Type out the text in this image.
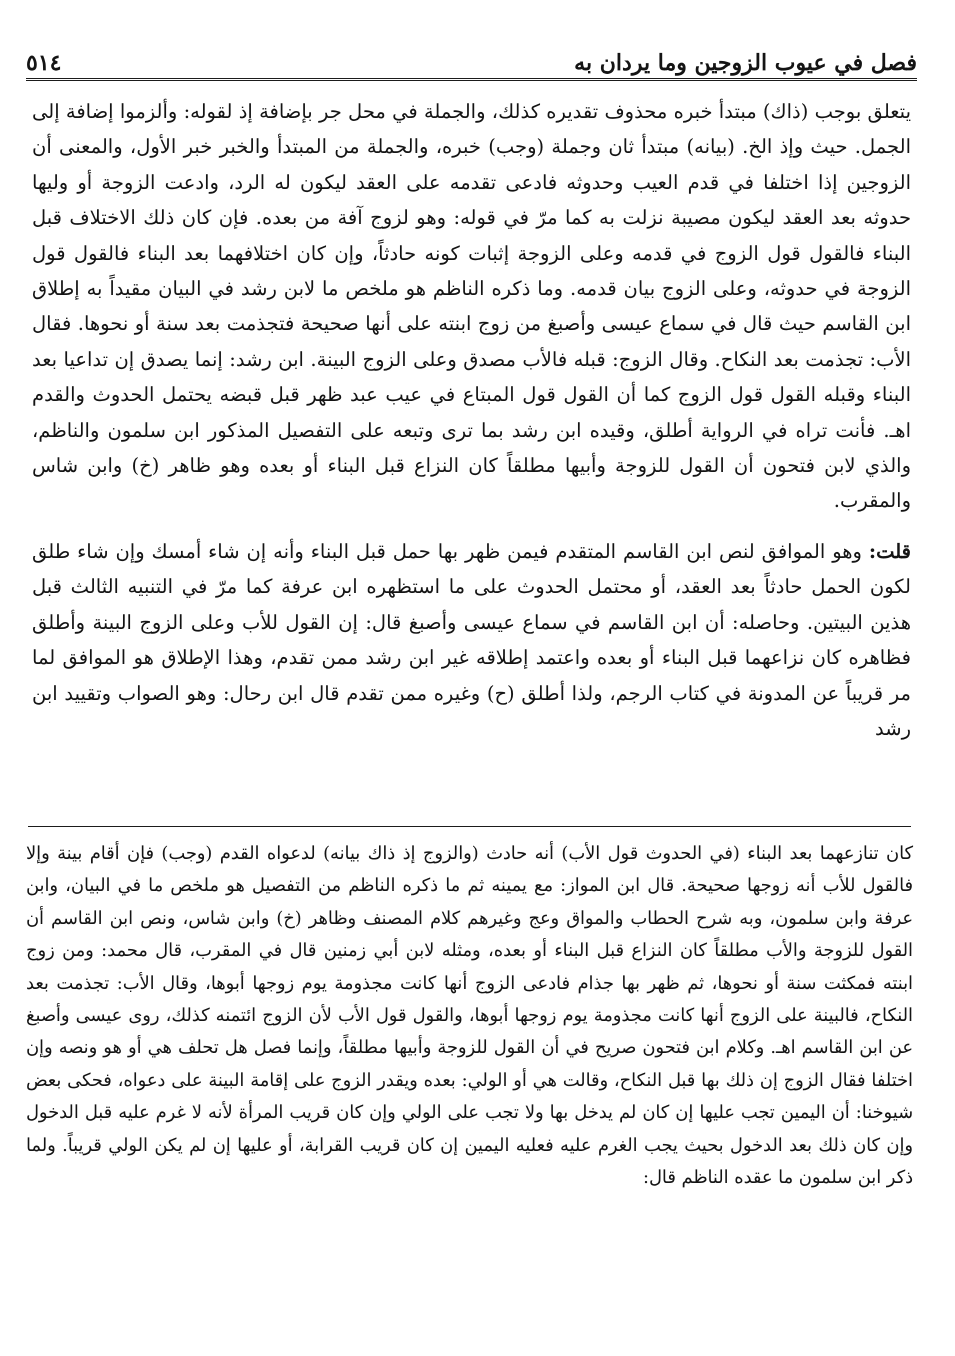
فصل في عيوب الزوجين وما يردان به
٥١٤

يتعلق بوجب (ذاك) مبتدأ خبره محذوف تقديره كذلك، والجملة في محل جر بإضافة إذ لقوله: وألزموا إضافة إلى الجمل. حيث وإذ الخ. (بيانه) مبتدأ ثان وجملة (وجب) خبره، والجملة من المبتدأ والخبر خبر الأول، والمعنى أن الزوجين إذا اختلفا في قدم العيب وحدوثه فادعى تقدمه على العقد ليكون له الرد، وادعت الزوجة أو وليها حدوثه بعد العقد ليكون مصيبة نزلت به كما مرّ في قوله: وهو لزوج آفة من بعده. فإن كان ذلك الاختلاف قبل البناء فالقول قول الزوج في قدمه وعلى الزوجة إثبات كونه حادثاً، وإن كان اختلافهما بعد البناء فالقول قول الزوجة في حدوثه، وعلى الزوج بيان قدمه. وما ذكره الناظم هو ملخص ما لابن رشد في البيان مقيداً به إطلاق ابن القاسم حيث قال في سماع عيسى وأصبغ من زوج ابنته على أنها صحيحة فتجذمت بعد سنة أو نحوها. فقال الأب: تجذمت بعد النكاح. وقال الزوج: قبله فالأب مصدق وعلى الزوج البينة. ابن رشد: إنما يصدق إن تداعيا بعد البناء وقبله القول قول الزوج كما أن القول قول المبتاع في عيب عبد ظهر قبل قبضه يحتمل الحدوث والقدم اهـ. فأنت تراه في الرواية أطلق، وقيده ابن رشد بما ترى وتبعه على التفصيل المذكور ابن سلمون والناظم، والذي لابن فتحون أن القول للزوجة وأبيها مطلقاً كان النزاع قبل البناء أو بعده وهو ظاهر (خ) وابن شاس والمقرب.

قلت: وهو الموافق لنص ابن القاسم المتقدم فيمن ظهر بها حمل قبل البناء وأنه إن شاء أمسك وإن شاء طلق لكون الحمل حادثاً بعد العقد، أو محتمل الحدوث على ما استظهره ابن عرفة كما مرّ في التنبيه الثالث قبل هذين البيتين. وحاصله: أن ابن القاسم في سماع عيسى وأصبغ قال: إن القول للأب وعلى الزوج البينة وأطلق فظاهره كان نزاعهما قبل البناء أو بعده واعتمد إطلاقه غير ابن رشد ممن تقدم، وهذا الإطلاق هو الموافق لما مر قريباً عن المدونة في كتاب الرجم، ولذا أطلق (ح) وغيره ممن تقدم قال ابن رحال: وهو الصواب وتقييد ابن رشد

كان تنازعهما بعد البناء (في الحدوث قول الأب) أنه حادث (والزوج إذ ذاك بيانه) لدعواه القدم (وجب) فإن أقام بينة وإلا فالقول للأب أنه زوجها صحيحة. قال ابن المواز: مع يمينه ثم ما ذكره الناظم من التفصيل هو ملخص ما في البيان، وابن عرفة وابن سلمون، وبه شرح الحطاب والمواق وعج وغيرهم كلام المصنف وظاهر (خ) وابن شاس، ونص ابن القاسم أن القول للزوجة والأب مطلقاً كان النزاع قبل البناء أو بعده، ومثله لابن أبي زمنين قال في المقرب، قال محمد: ومن زوج ابنته فمكثت سنة أو نحوها، ثم ظهر بها جذام فادعى الزوج أنها كانت مجذومة يوم زوجها أبوها، وقال الأب: تجذمت بعد النكاح، فالبينة على الزوج أنها كانت مجذومة يوم زوجها أبوها، والقول قول الأب لأن الزوج ائتمنه كذلك، روى عيسى وأصبغ عن ابن القاسم اهـ. وكلام ابن فتحون صريح في أن القول للزوجة وأبيها مطلقاً، وإنما فصل هل تحلف هي أو هو ونصه وإن اختلفا فقال الزوج إن ذلك بها قبل النكاح، وقالت هي أو الولي: بعده ويقدر الزوج على إقامة البينة على دعواه، فحكى بعض شيوخنا: أن اليمين تجب عليها إن كان لم يدخل بها ولا تجب على الولي وإن كان قريب المرأة لأنه لا غرم عليه قبل الدخول وإن كان ذلك بعد الدخول بحيث يجب الغرم عليه فعليه اليمين إن كان قريب القرابة، أو عليها إن لم يكن الولي قريباً. ولما ذكر ابن سلمون ما عقده الناظم قال:
